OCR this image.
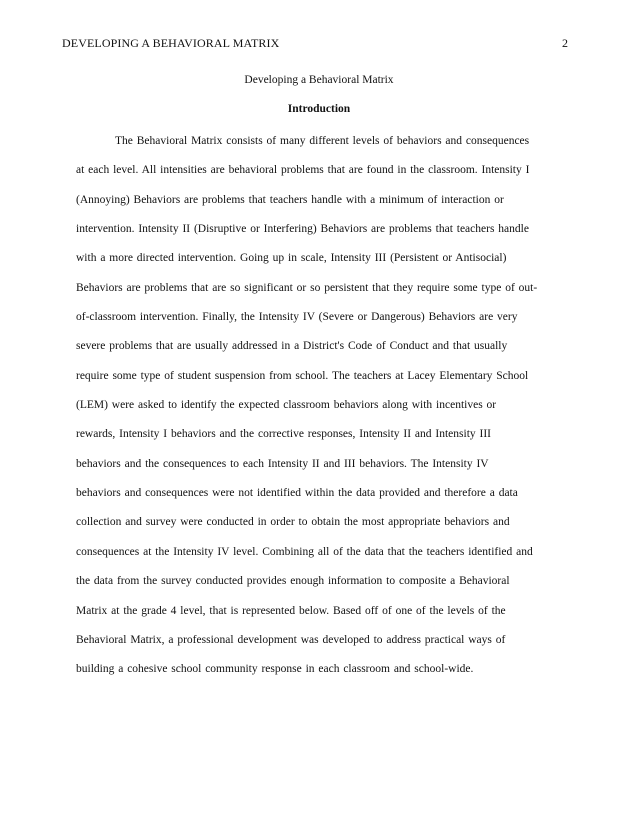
DEVELOPING A BEHAVIORAL MATRIX	2
Developing a Behavioral Matrix
Introduction
The Behavioral Matrix consists of many different levels of behaviors and consequences
at each level. All intensities are behavioral problems that are found in the classroom. Intensity I
(Annoying) Behaviors are problems that teachers handle with a minimum of interaction or
intervention. Intensity II (Disruptive or Interfering) Behaviors are problems that teachers handle
with a more directed intervention. Going up in scale, Intensity III (Persistent or Antisocial)
Behaviors are problems that are so significant or so persistent that they require some type of out-
of-classroom intervention. Finally, the Intensity IV (Severe or Dangerous) Behaviors are very
severe problems that are usually addressed in a District's Code of Conduct and that usually
require some type of student suspension from school. The teachers at Lacey Elementary School
(LEM) were asked to identify the expected classroom behaviors along with incentives or
rewards, Intensity I behaviors and the corrective responses, Intensity II and Intensity III
behaviors and the consequences to each Intensity II and III behaviors. The Intensity IV
behaviors and consequences were not identified within the data provided and therefore a data
collection and survey were conducted in order to obtain the most appropriate behaviors and
consequences at the Intensity IV level. Combining all of the data that the teachers identified and
the data from the survey conducted provides enough information to composite a Behavioral
Matrix at the grade 4 level, that is represented below. Based off of one of the levels of the
Behavioral Matrix, a professional development was developed to address practical ways of
building a cohesive school community response in each classroom and school-wide.
